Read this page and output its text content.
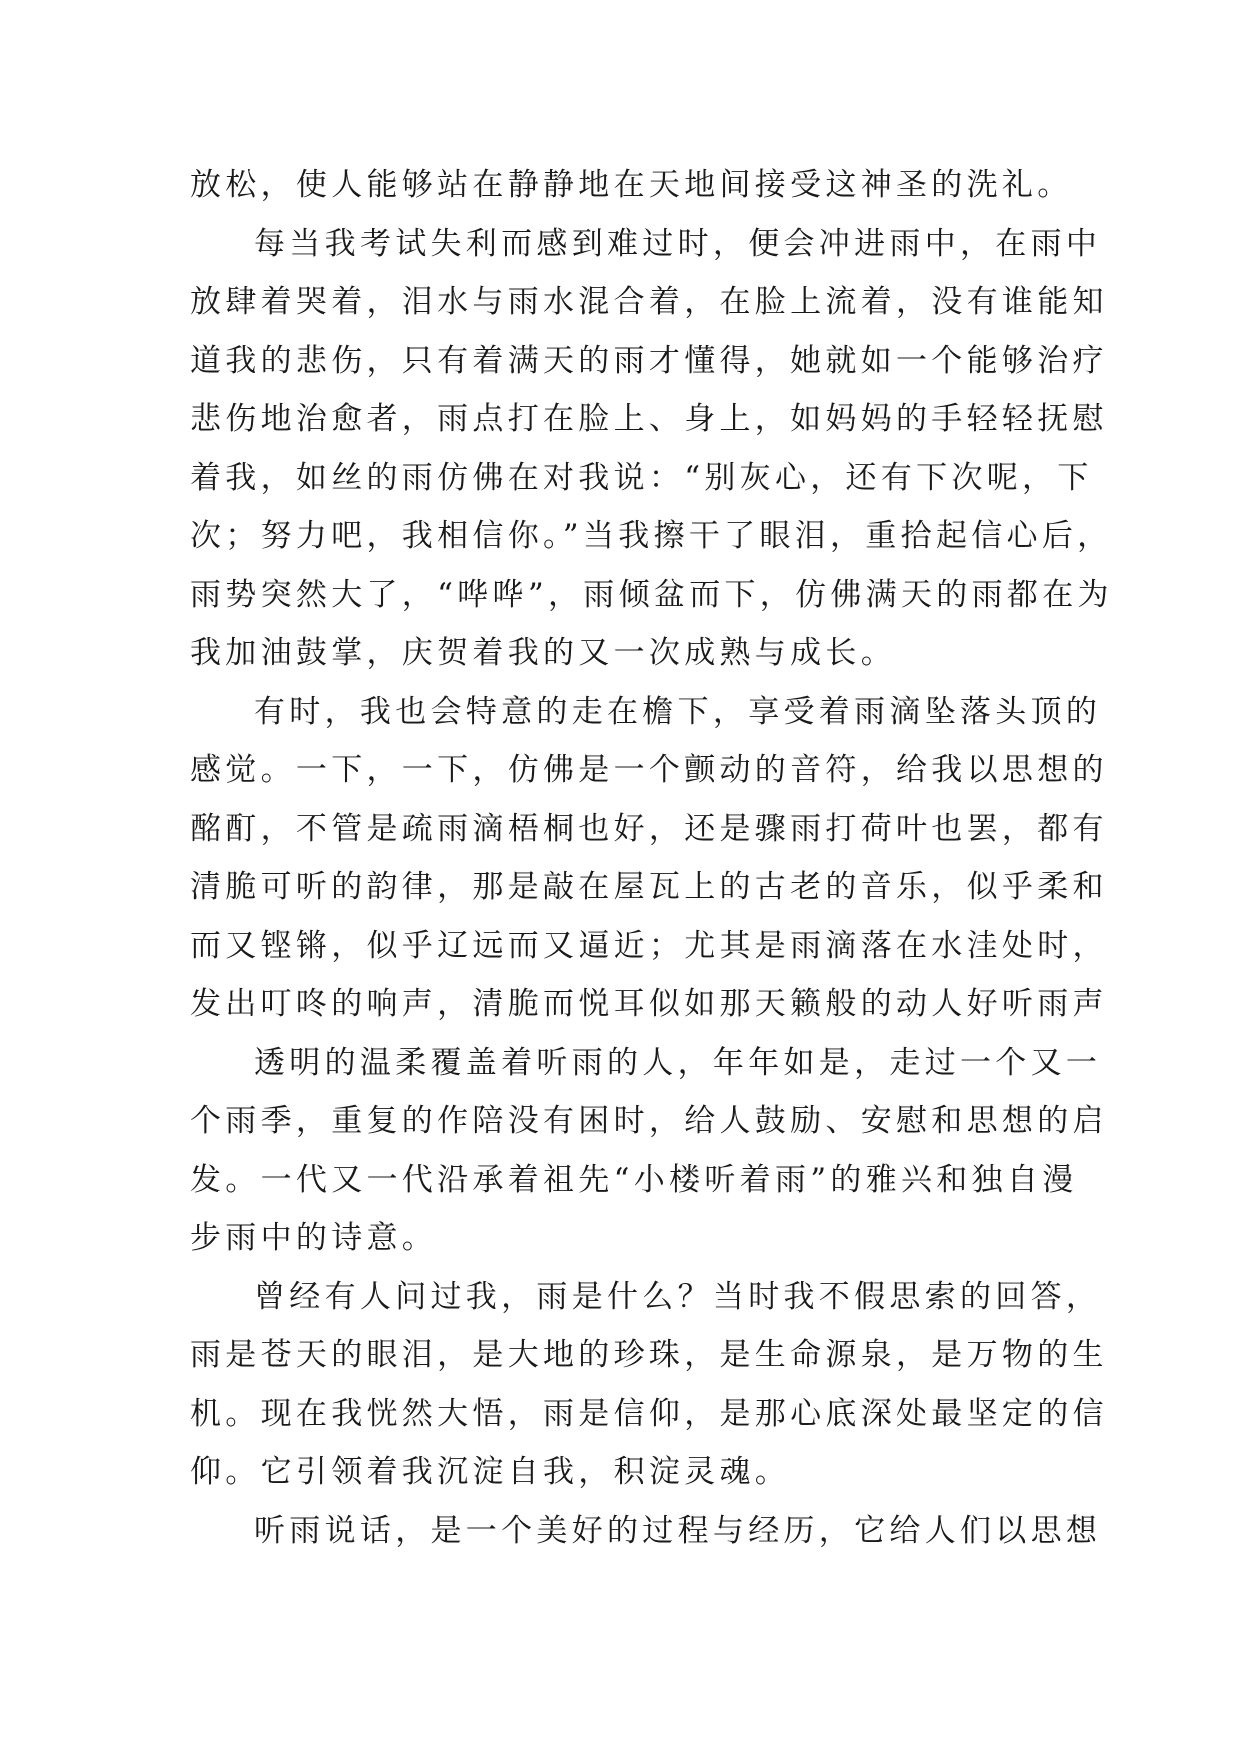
放松，使人能够站在静静地在天地间接受这神圣的洗礼。
每当我考试失利而感到难过时，便会冲进雨中，在雨中
放肆着哭着，泪水与雨水混合着，在脸上流着，没有谁能知
道我的悲伤，只有着满天的雨才懂得，她就如一个能够治疗
悲伤地治愈者，雨点打在脸上、身上，如妈妈的手轻轻抚慰
着我，如丝的雨仿佛在对我说：“别灰心，还有下次呢，下
次；努力吧，我相信你。”当我擦干了眼泪，重拾起信心后，
雨势突然大了，“哗哗”，雨倾盆而下，仿佛满天的雨都在为
我加油鼓掌，庆贺着我的又一次成熟与成长。
有时，我也会特意的走在檐下，享受着雨滴坠落头顶的
感觉。一下，一下，仿佛是一个颤动的音符，给我以思想的
酩酊，不管是疏雨滴梧桐也好，还是骤雨打荷叶也罢，都有
清脆可听的韵律，那是敲在屋瓦上的古老的音乐，似乎柔和
而又铿锵，似乎辽远而又逼近；尤其是雨滴落在水洼处时，
发出叮咚的响声，清脆而悦耳似如那天籁般的动人好听雨声
透明的温柔覆盖着听雨的人，年年如是，走过一个又一
个雨季，重复的作陪没有困时，给人鼓励、安慰和思想的启
发。一代又一代沿承着祖先“小楼听着雨”的雅兴和独自漫
步雨中的诗意。
曾经有人问过我，雨是什么？当时我不假思索的回答，
雨是苍天的眼泪，是大地的珍珠，是生命源泉，是万物的生
机。现在我恍然大悟，雨是信仰，是那心底深处最坚定的信
仰。它引领着我沉淀自我，积淀灵魂。
听雨说话，是一个美好的过程与经历，它给人们以思想
